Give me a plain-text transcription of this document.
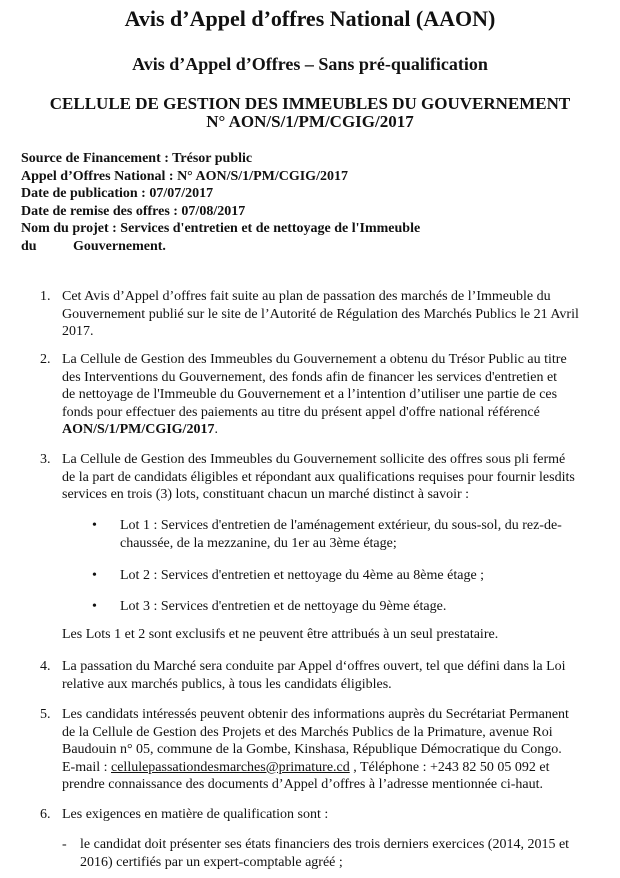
Avis d’Appel d’offres National (AAON)
Avis d’Appel d’Offres – Sans pré-qualification
CELLULE DE GESTION DES IMMEUBLES DU GOUVERNEMENT
N° AON/S/1/PM/CGIG/2017
Source de Financement : Trésor public
Appel d’Offres National : N° AON/S/1/PM/CGIG/2017
Date de publication : 07/07/2017
Date de remise des offres : 07/08/2017
Nom du projet : Services d'entretien et de nettoyage de l'Immeuble
du	Gouvernement.
1. Cet Avis d’Appel d’offres fait suite au plan de passation des marchés de l’Immeuble du
Gouvernement publié sur le site de l’Autorité de Régulation des Marchés Publics le 21 Avril
2017.
2. La Cellule de Gestion des Immeubles du Gouvernement a obtenu du Trésor Public au titre
des Interventions du Gouvernement, des fonds afin de financer les services d'entretien et
de nettoyage de l'Immeuble du Gouvernement et a l’intention d’utiliser une partie de ces
fonds pour effectuer des paiements au titre du présent appel d'offre national référencé
AON/S/1/PM/CGIG/2017.
3. La Cellule de Gestion des Immeubles du Gouvernement sollicite des offres sous pli fermé
de la part de candidats éligibles et répondant aux qualifications requises pour fournir lesdits
services en trois (3) lots, constituant chacun un marché distinct à savoir :
• Lot 1 : Services d'entretien de l'aménagement extérieur, du sous-sol, du rez-de-
chaussée, de la mezzanine, du 1er au 3ème étage;
• Lot 2 : Services d'entretien et nettoyage du 4ème au 8ème étage ;
• Lot 3 : Services d'entretien et de nettoyage du 9ème étage.
Les Lots 1 et 2 sont exclusifs et ne peuvent être attribués à un seul prestataire.
4. La passation du Marché sera conduite par Appel d‘offres ouvert, tel que défini dans la Loi
relative aux marchés publics, à tous les candidats éligibles.
5. Les candidats intéressés peuvent obtenir des informations auprès du Secrétariat Permanent
de la Cellule de Gestion des Projets et des Marchés Publics de la Primature, avenue Roi
Baudouin n° 05, commune de la Gombe, Kinshasa, République Démocratique du Congo.
E-mail : cellulepassationdesmarches@primature.cd , Téléphone : +243 82 50 05 092 et
prendre connaissance des documents d’Appel d’offres à l’adresse mentionnée ci-haut.
6. Les exigences en matière de qualification sont :
- le candidat doit présenter ses états financiers des trois derniers exercices (2014, 2015 et
2016) certifiés par un expert-comptable agréé ;
